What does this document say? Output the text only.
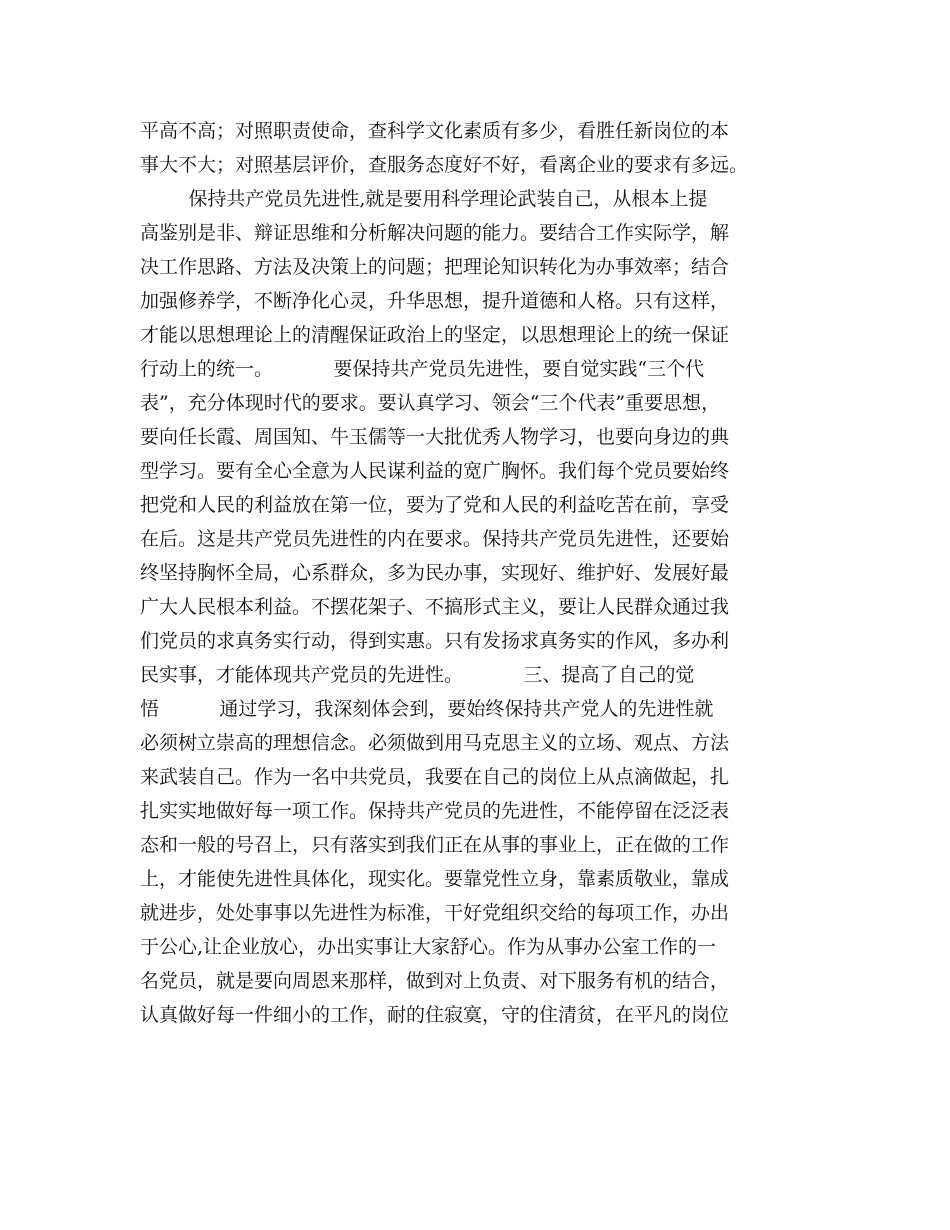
平高不高；对照职责使命，查科学文化素质有多少，看胜任新岗位的本
事大不大；对照基层评价，查服务态度好不好，看离企业的要求有多远。
保持共产党员先进性,就是要用科学理论武装自己，从根本上提
高鉴别是非、辩证思维和分析解决问题的能力。要结合工作实际学，解
决工作思路、方法及决策上的问题；把理论知识转化为办事效率；结合
加强修养学，不断净化心灵，升华思想，提升道德和人格。只有这样，
才能以思想理论上的清醒保证政治上的坚定，以思想理论上的统一保证
行动上的统一。          要保持共产党员先进性，要自觉实践“三个代
表”，充分体现时代的要求。要认真学习、领会“三个代表”重要思想，
要向任长霞、周国知、牛玉儒等一大批优秀人物学习，也要向身边的典
型学习。要有全心全意为人民谋利益的宽广胸怀。我们每个党员要始终
把党和人民的利益放在第一位，要为了党和人民的利益吃苦在前，享受
在后。这是共产党员先进性的内在要求。保持共产党员先进性，还要始
终坚持胸怀全局，心系群众，多为民办事，实现好、维护好、发展好最
广大人民根本利益。不摆花架子、不搞形式主义，要让人民群众通过我
们党员的求真务实行动，得到实惠。只有发扬求真务实的作风，多办利
民实事，才能体现共产党员的先进性。          三、提高了自己的觉
悟          通过学习，我深刻体会到，要始终保持共产党人的先进性就
必须树立崇高的理想信念。必须做到用马克思主义的立场、观点、方法
来武装自己。作为一名中共党员，我要在自己的岗位上从点滴做起，扎
扎实实地做好每一项工作。保持共产党员的先进性，不能停留在泛泛表
态和一般的号召上，只有落实到我们正在从事的事业上，正在做的工作
上，才能使先进性具体化，现实化。要靠党性立身，靠素质敬业，靠成
就进步，处处事事以先进性为标准，干好党组织交给的每项工作，办出
于公心,让企业放心，办出实事让大家舒心。作为从事办公室工作的一
名党员，就是要向周恩来那样，做到对上负责、对下服务有机的结合，
认真做好每一件细小的工作，耐的住寂寞，守的住清贫，在平凡的岗位
